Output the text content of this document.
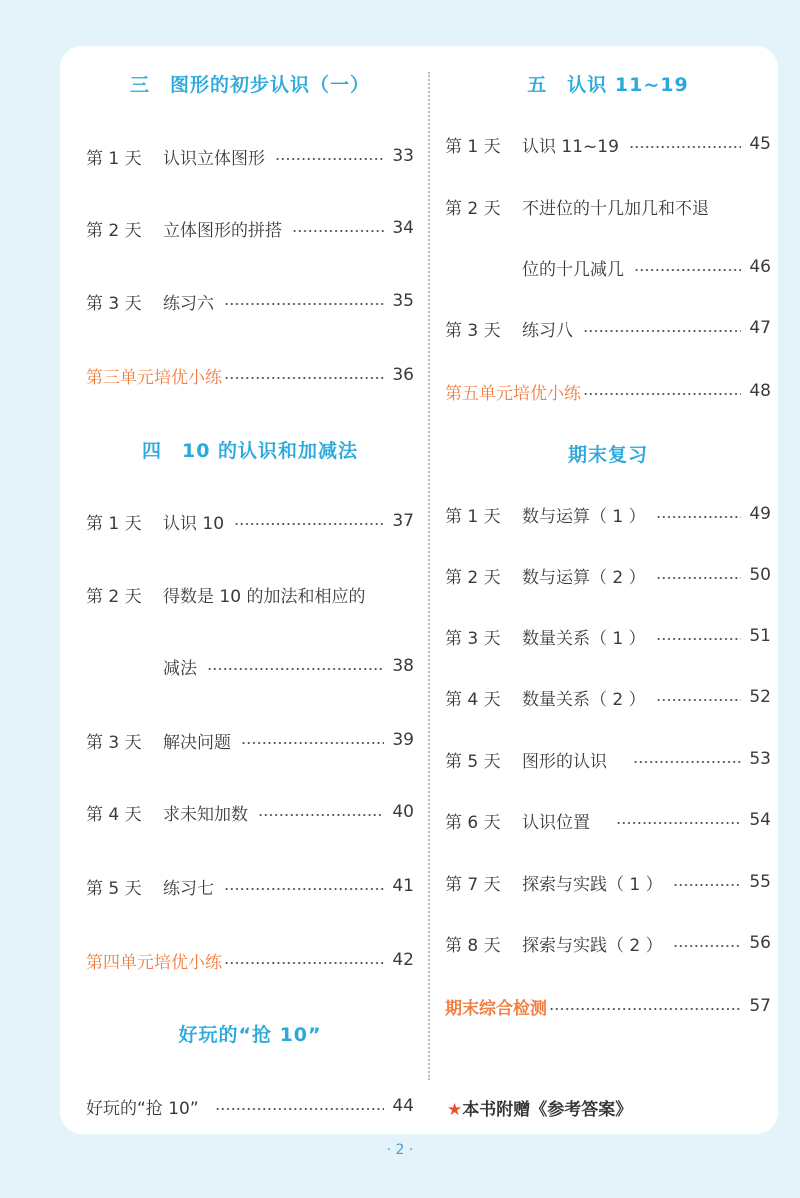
三　图形的初步认识（一）
第 1 天	认识立体图形	33
第 2 天	立体图形的拼搭	34
第 3 天	练习六	35
第三单元培优小练	36
四　10 的认识和加减法
第 1 天	认识 10	37
第 2 天	得数是 10 的加法和相应的
减法	38
第 3 天	解决问题	39
第 4 天	求未知加数	40
第 5 天	练习七	41
第四单元培优小练	42
好玩的“抢 10”
好玩的“抢 10”	44
五　认识 11~19
第 1 天	认识 11~19	45
第 2 天	不进位的十几加几和不退
位的十几减几	46
第 3 天	练习八	47
第五单元培优小练	48
期末复习
第 1 天	数与运算（ 1 ）	49
第 2 天	数与运算（ 2 ）	50
第 3 天	数量关系（ 1 ）	51
第 4 天	数量关系（ 2 ）	52
第 5 天	图形的认识	53
第 6 天	认识位置	54
第 7 天	探索与实践（ 1 ）	55
第 8 天	探索与实践（ 2 ）	56
期末综合检测	57
★本书附赠《参考答案》
· 2 ·
